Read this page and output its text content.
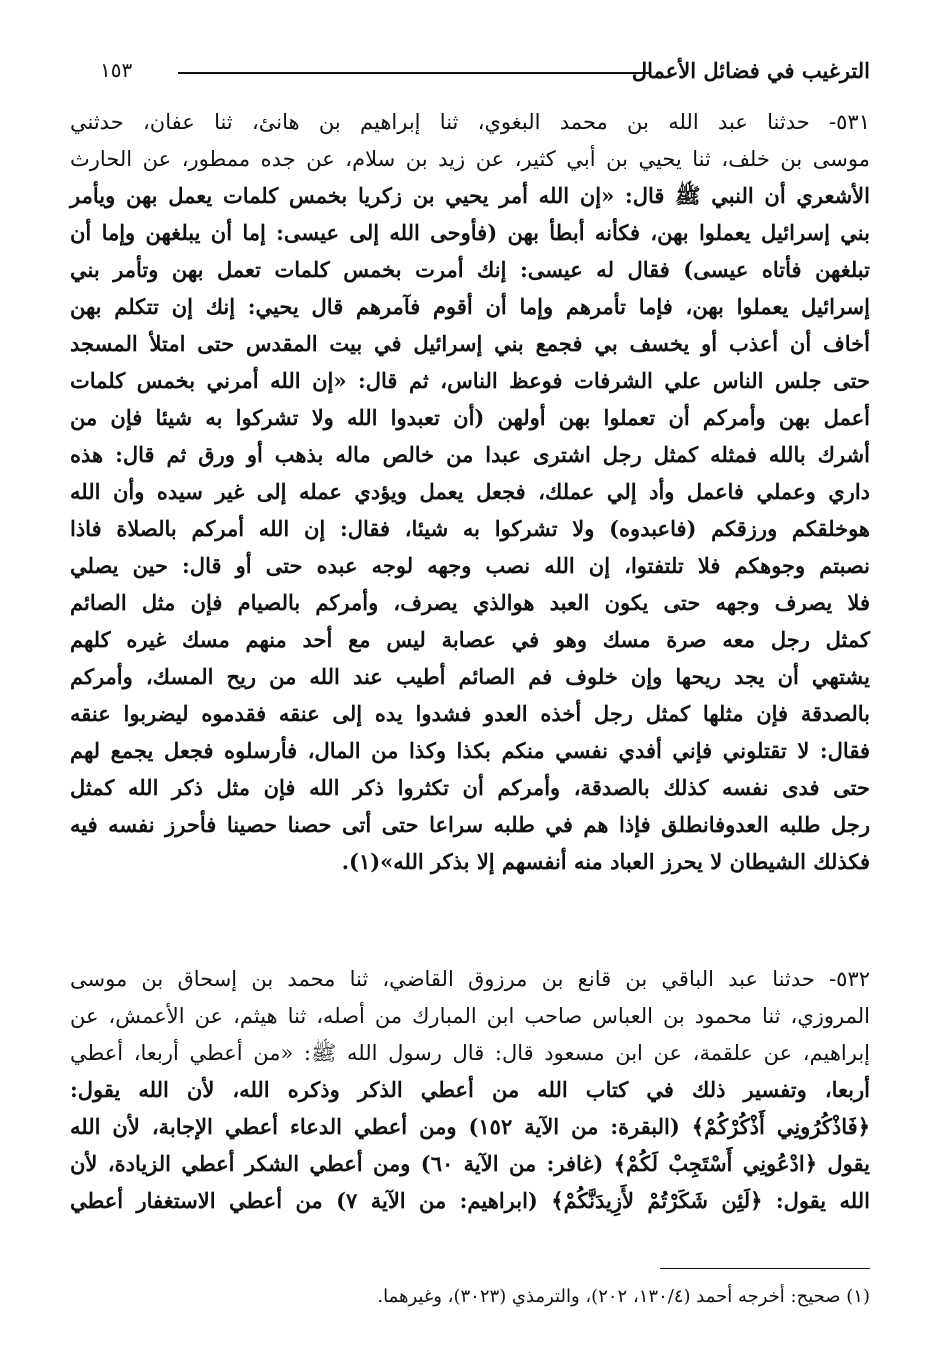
الترغيب في فضائل الأعمال
١٥٣
٥٣١- حدثنا عبد الله بن محمد البغوي، ثنا إبراهيم بن هانئ، ثنا عفان، حدثني
موسى بن خلف، ثنا يحيي بن أبي كثير، عن زيد بن سلام، عن جده ممطور، عن الحارث
الأشعري أن النبي ﷺ قال: «إن الله أمر يحيي بن زكريا بخمس كلمات يعمل بهن ويأمر
بني إسرائيل يعملوا بهن، فكأنه أبطأ بهن (فأوحى الله إلى عيسى: إما أن يبلغهن وإما أن
تبلغهن فأتاه عيسى) فقال له عيسى: إنك أمرت بخمس كلمات تعمل بهن وتأمر بني
إسرائيل يعملوا بهن، فإما تأمرهم وإما أن أقوم فآمرهم قال يحيي: إنك إن تتكلم بهن
أخاف أن أعذب أو يخسف بي فجمع بني إسرائيل في بيت المقدس حتى امتلأ المسجد
حتى جلس الناس علي الشرفات فوعظ الناس، ثم قال: «إن الله أمرني بخمس كلمات
أعمل بهن وأمركم أن تعملوا بهن أولهن (أن تعبدوا الله ولا تشركوا به شيئا فإن من
أشرك بالله فمثله كمثل رجل اشترى عبدا من خالص ماله بذهب أو ورق ثم قال: هذه
داري وعملي فاعمل وأد إلي عملك، فجعل يعمل ويؤدي عمله إلى غير سيده وأن الله
هوخلقكم ورزقكم (فاعبدوه) ولا تشركوا به شيئا، فقال: إن الله أمركم بالصلاة فاذا
نصبتم وجوهكم فلا تلتفتوا، إن الله نصب وجهه لوجه عبده حتى أو قال: حين يصلي
فلا يصرف وجهه حتى يكون العبد هوالذي يصرف، وأمركم بالصيام فإن مثل الصائم
كمثل رجل معه صرة مسك وهو في عصابة ليس مع أحد منهم مسك غيره كلهم
يشتهي أن يجد ريحها وإن خلوف فم الصائم أطيب عند الله من ريح المسك، وأمركم
بالصدقة فإن مثلها كمثل رجل أخذه العدو فشدوا يده إلى عنقه فقدموه ليضربوا عنقه
فقال: لا تقتلوني فإني أفدي نفسي منكم بكذا وكذا من المال، فأرسلوه فجعل يجمع لهم
حتى فدى نفسه كذلك بالصدقة، وأمركم أن تكثروا ذكر الله فإن مثل ذكر الله كمثل
رجل طلبه العدوفانطلق فإذا هم في طلبه سراعا حتى أتى حصنا حصينا فأحرز نفسه فيه
فكذلك الشيطان لا يحرز العباد منه أنفسهم إلا بذكر الله»(١).
٥٣٢- حدثنا عبد الباقي بن قانع بن مرزوق القاضي، ثنا محمد بن إسحاق بن موسى
المروزي، ثنا محمود بن العباس صاحب ابن المبارك من أصله، ثنا هيثم، عن الأعمش، عن
إبراهيم، عن علقمة، عن ابن مسعود قال: قال رسول الله ﷺ: «من أعطي أربعا، أعطي
أربعا، وتفسير ذلك في كتاب الله من أعطي الذكر وذكره الله، لأن الله يقول:
﴿فَاذْكُرُونِي أَذْكُرْكُمْ﴾ (البقرة: من الآية ١٥٢) ومن أعطي الدعاء أعطي الإجابة، لأن الله
يقول ﴿ادْعُونِي أَسْتَجِبْ لَكُمْ﴾ (غافر: من الآية ٦٠) ومن أعطي الشكر أعطي الزيادة، لأن
الله يقول: ﴿لَئِن شَكَرْتُمْ لأَزِيدَنَّكُمْ﴾ (ابراهيم: من الآية ٧) من أعطي الاستغفار أعطي
(١) صحيح: أخرجه أحمد (١٣٠/٤، ٢٠٢)، والترمذي (٣٠٢٣)، وغيرهما.
